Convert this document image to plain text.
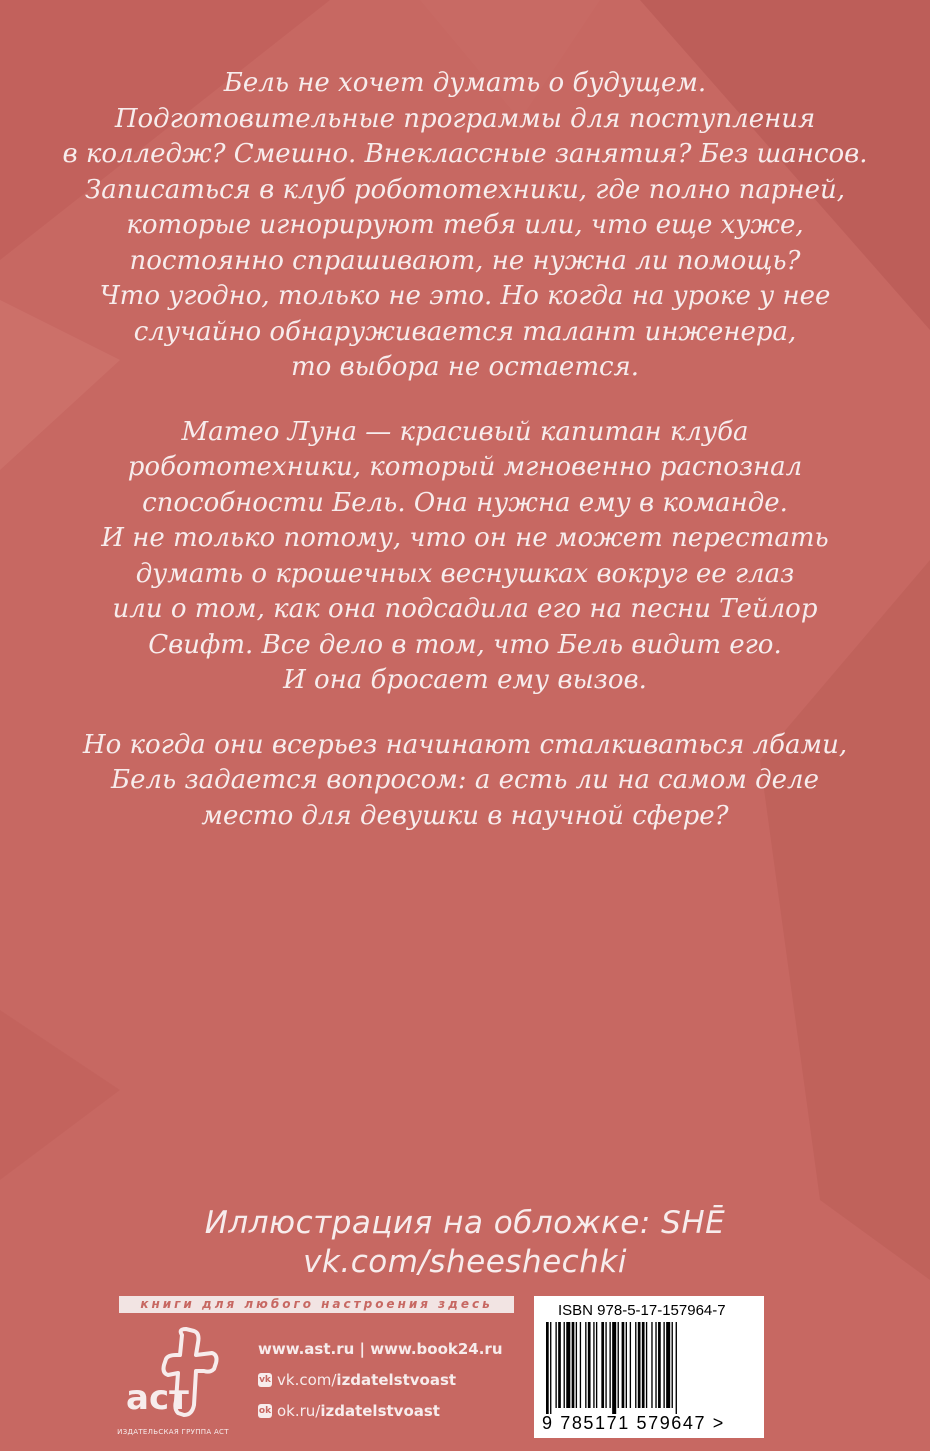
Бель не хочет думать о будущем.
Подготовительные программы для поступления
в колледж? Смешно. Внеклассные занятия? Без шансов.
Записаться в клуб робототехники, где полно парней,
которые игнорируют тебя или, что еще хуже,
постоянно спрашивают, не нужна ли помощь?
Что угодно, только не это. Но когда на уроке у нее
случайно обнаруживается талант инженера,
то выбора не остается.

Матео Луна — красивый капитан клуба
робототехники, который мгновенно распознал
способности Бель. Она нужна ему в команде.
И не только потому, что он не может перестать
думать о крошечных веснушках вокруг ее глаз
или о том, как она подсадила его на песни Тейлор
Свифт. Все дело в том, что Бель видит его.
И она бросает ему вызов.

Но когда они всерьез начинают сталкиваться лбами,
Бель задается вопросом: а есть ли на самом деле
место для девушки в научной сфере?

Иллюстрация на обложке: SHĒ
vk.com/sheeshechki
книги для любого настроения здесь
аст
ИЗДАТЕЛЬСКАЯ ГРУППА АСТ
www.ast.ru | www.book24.ru
vk vk.com/ izdatelstvoast
ok ok.ru/ izdatelstvoast
ISBN 978-5-17-157964-7
9 785171 579647 >
